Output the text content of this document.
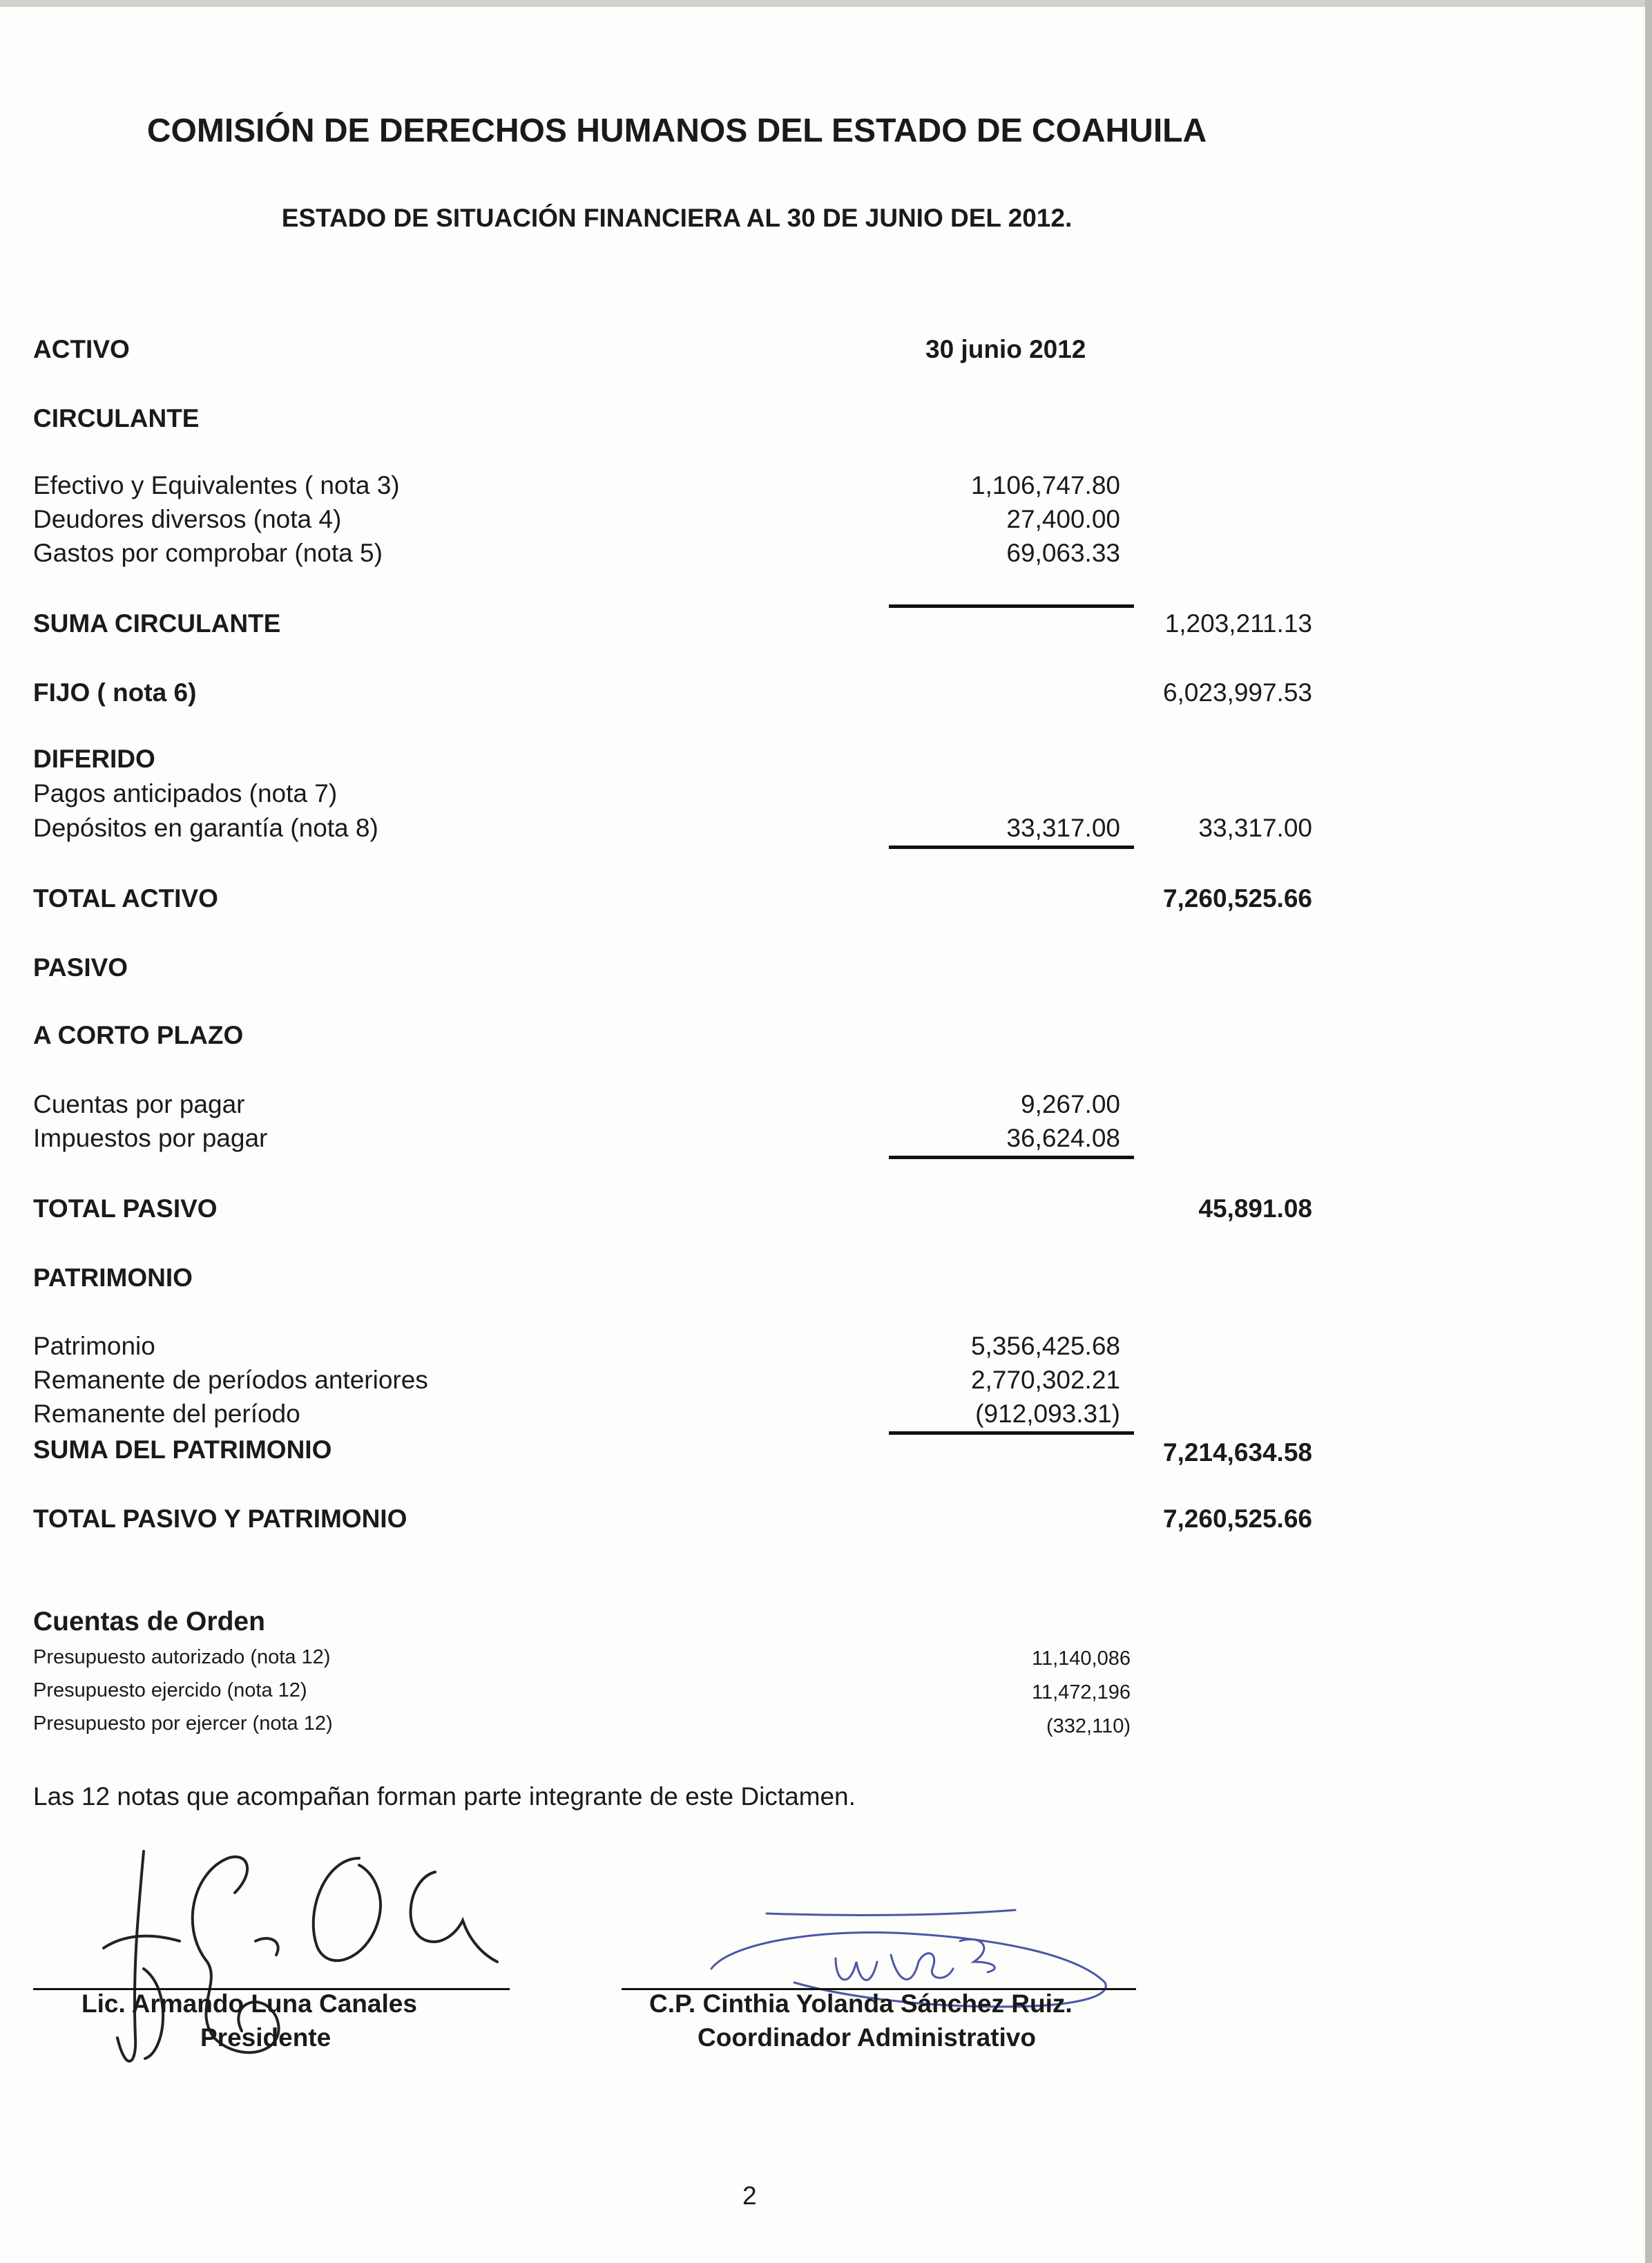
COMISIÓN DE DERECHOS HUMANOS DEL ESTADO DE COAHUILA
ESTADO DE SITUACIÓN FINANCIERA AL 30 DE JUNIO DEL 2012.
ACTIVO	30 junio 2012
CIRCULANTE
Efectivo y Equivalentes ( nota 3)	1,106,747.80
Deudores diversos (nota 4)	27,400.00
Gastos por comprobar (nota 5)	69,063.33
SUMA CIRCULANTE	1,203,211.13
FIJO ( nota 6)	6,023,997.53
DIFERIDO
Pagos anticipados (nota 7)
Depósitos en garantía (nota 8)	33,317.00	33,317.00
TOTAL ACTIVO	7,260,525.66
PASIVO
A CORTO PLAZO
Cuentas por pagar	9,267.00
Impuestos por pagar	36,624.08
TOTAL PASIVO	45,891.08
PATRIMONIO
Patrimonio	5,356,425.68
Remanente de períodos anteriores	2,770,302.21
Remanente del período	(912,093.31)
SUMA DEL PATRIMONIO	7,214,634.58
TOTAL PASIVO Y PATRIMONIO	7,260,525.66
Cuentas de Orden
Presupuesto autorizado (nota 12)	11,140,086
Presupuesto ejercido (nota 12)	11,472,196
Presupuesto por ejercer (nota 12)	(332,110)
Las 12 notas que acompañan forman parte integrante de este Dictamen.
Lic. Armando Luna Canales
Presidente
C.P. Cinthia Yolanda Sánchez Ruiz.
Coordinador Administrativo
2
